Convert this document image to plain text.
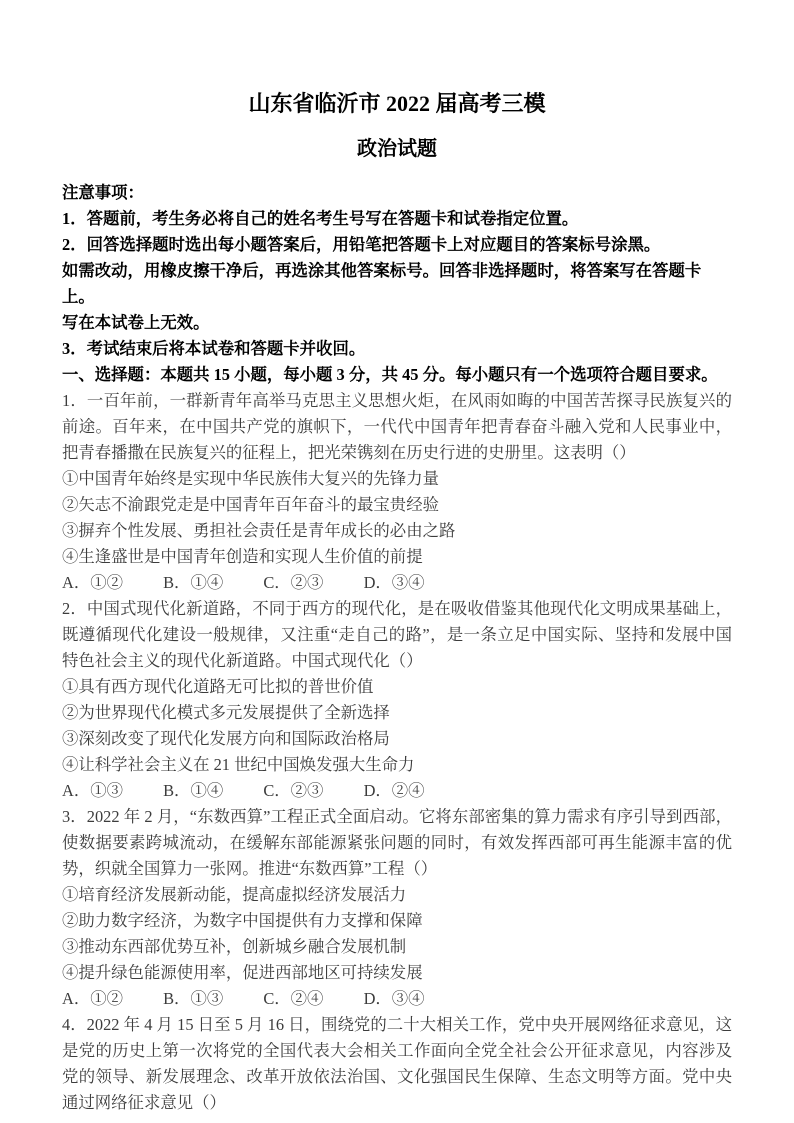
山东省临沂市 2022 届高考三模
政治试题

注意事项：

1．答题前，考生务必将自己的姓名考生号写在答题卡和试卷指定位置。

2．回答选择题时选出每小题答案后，用铅笔把答题卡上对应题目的答案标号涂黑。

如需改动，用橡皮擦干净后，再选涂其他答案标号。回答非选择题时，将答案写在答题卡上。

写在本试卷上无效。

3．考试结束后将本试卷和答题卡并收回。

一、选择题：本题共 15 小题，每小题 3 分，共 45 分。每小题只有一个选项符合题目要求。

1．一百年前，一群新青年高举马克思主义思想火炬，在风雨如晦的中国苦苦探寻民族复兴的前途。百年来，在中国共产党的旗帜下，一代代中国青年把青春奋斗融入党和人民事业中，把青春播撒在民族复兴的征程上，把光荣镌刻在历史行进的史册里。这表明（）

①中国青年始终是实现中华民族伟大复兴的先锋力量

②矢志不渝跟党走是中国青年百年奋斗的最宝贵经验

③摒弃个性发展、勇担社会责任是青年成长的必由之路

④生逢盛世是中国青年创造和实现人生价值的前提

A．①② B．①④ C．②③ D．③④

2．中国式现代化新道路，不同于西方的现代化，是在吸收借鉴其他现代化文明成果基础上，既遵循现代化建设一般规律，又注重“走自己的路”，是一条立足中国实际、坚持和发展中国特色社会主义的现代化新道路。中国式现代化（）

①具有西方现代化道路无可比拟的普世价值

②为世界现代化模式多元发展提供了全新选择

③深刻改变了现代化发展方向和国际政治格局

④让科学社会主义在 21 世纪中国焕发强大生命力

A．①③ B．①④ C．②③ D．②④

3．2022 年 2 月，“东数西算”工程正式全面启动。它将东部密集的算力需求有序引导到西部，使数据要素跨城流动，在缓解东部能源紧张问题的同时，有效发挥西部可再生能源丰富的优势，织就全国算力一张网。推进“东数西算”工程（）

①培育经济发展新动能，提高虚拟经济发展活力

②助力数字经济，为数字中国提供有力支撑和保障

③推动东西部优势互补，创新城乡融合发展机制

④提升绿色能源使用率，促进西部地区可持续发展

A．①② B．①③ C．②④ D．③④

4．2022 年 4 月 15 日至 5 月 16 日，围绕党的二十大相关工作，党中央开展网络征求意见，这是党的历史上第一次将党的全国代表大会相关工作面向全党全社会公开征求意见，内容涉及党的领导、新发展理念、改革开放依法治国、文化强国民生保障、生态文明等方面。党中央通过网络征求意见（）
